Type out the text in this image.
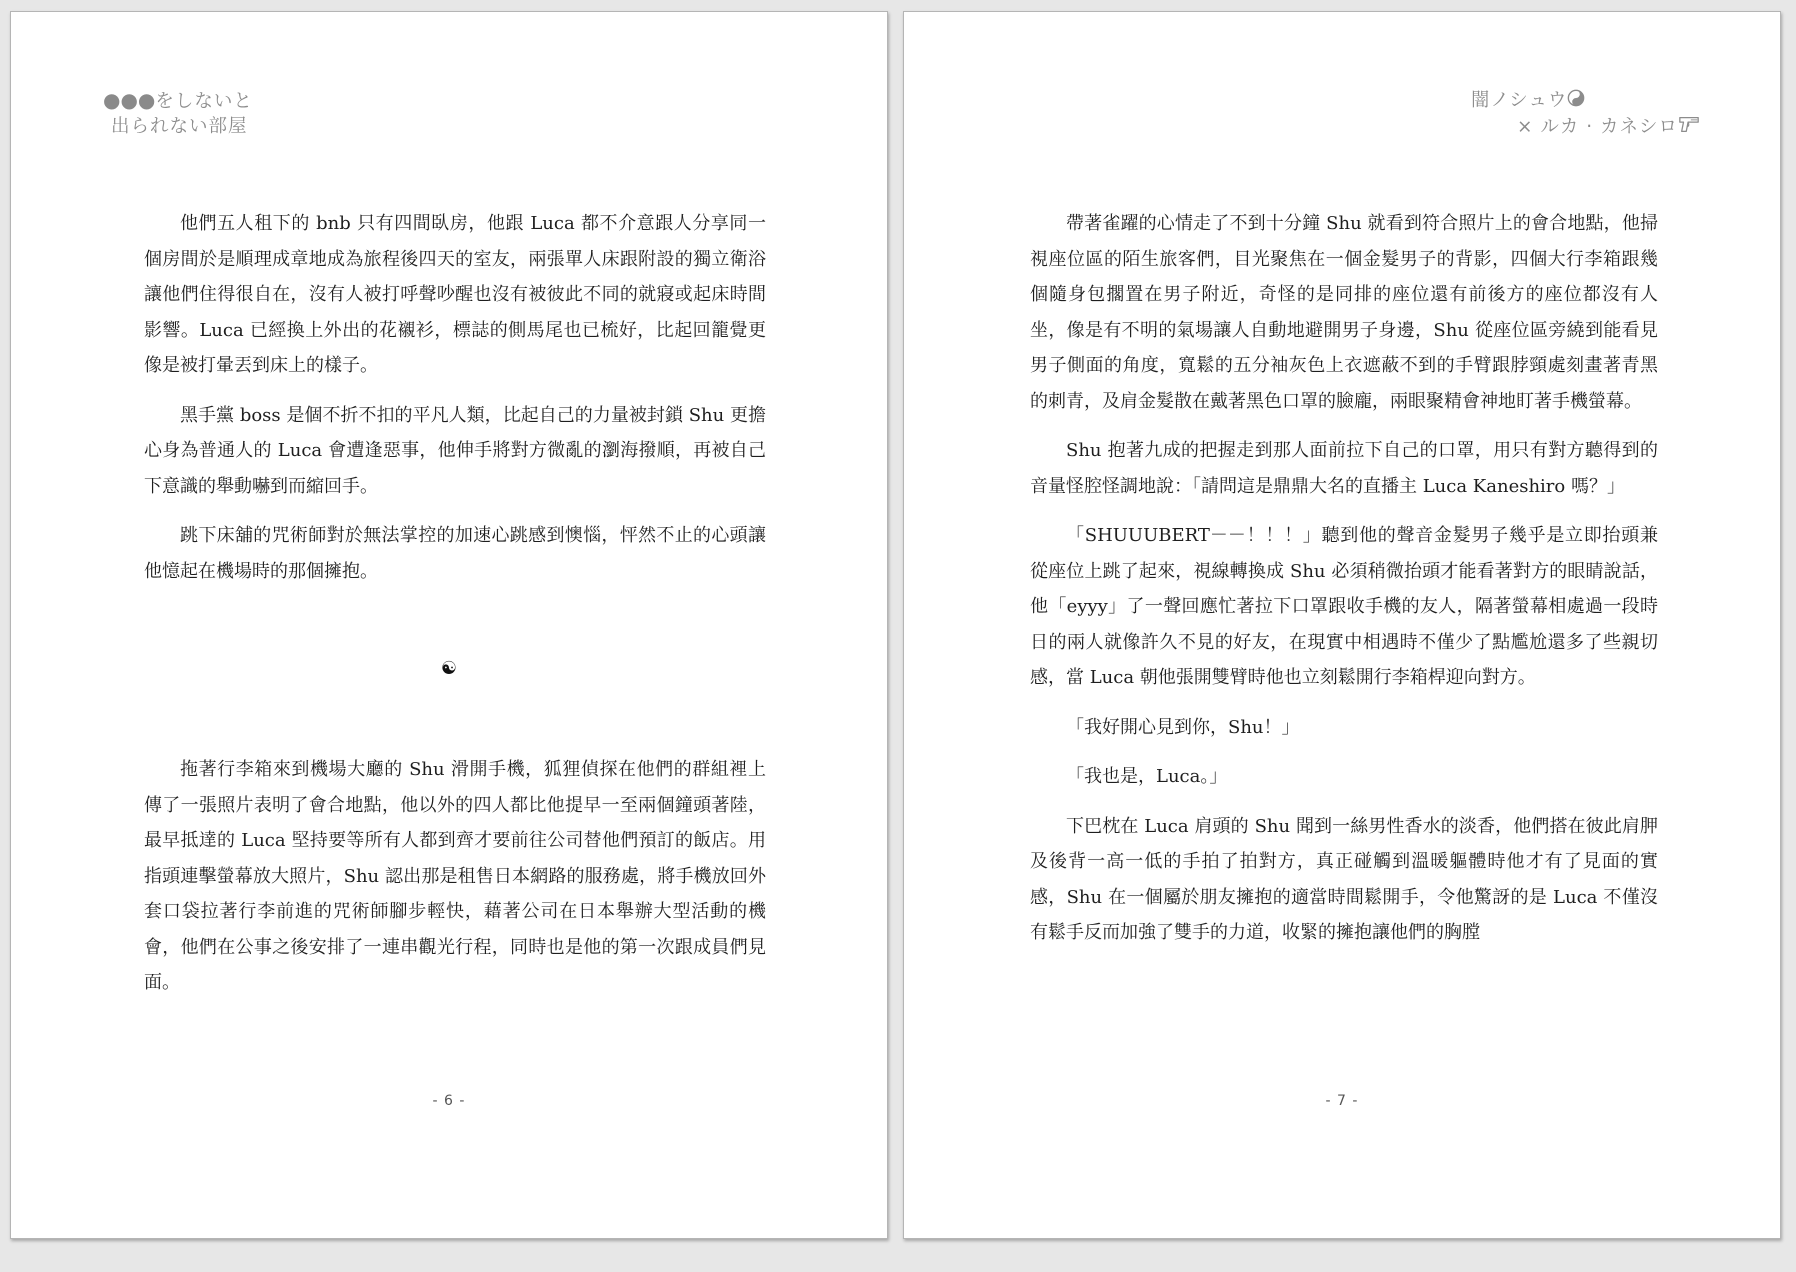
●●●をしないと
出られない部屋

他們五人租下的 bnb 只有四間臥房，他跟 Luca 都不介意跟人分享同一個房間於是順理成章地成為旅程後四天的室友，兩張單人床跟附設的獨立衛浴讓他們住得很自在，沒有人被打呼聲吵醒也沒有被彼此不同的就寢或起床時間影響。Luca 已經換上外出的花襯衫，標誌的側馬尾也已梳好，比起回籠覺更像是被打暈丟到床上的樣子。

黑手黨 boss 是個不折不扣的平凡人類，比起自己的力量被封鎖 Shu 更擔心身為普通人的 Luca 會遭逢惡事，他伸手將對方微亂的瀏海撥順，再被自己下意識的舉動嚇到而縮回手。

跳下床舖的咒術師對於無法掌控的加速心跳感到懊惱，怦然不止的心頭讓他憶起在機場時的那個擁抱。

☯

拖著行李箱來到機場大廳的 Shu 滑開手機，狐狸偵探在他們的群組裡上傳了一張照片表明了會合地點，他以外的四人都比他提早一至兩個鐘頭著陸，最早抵達的 Luca 堅持要等所有人都到齊才要前往公司替他們預訂的飯店。用指頭連擊螢幕放大照片，Shu 認出那是租售日本網路的服務處，將手機放回外套口袋拉著行李前進的咒術師腳步輕快，藉著公司在日本舉辦大型活動的機會，他們在公事之後安排了一連串觀光行程，同時也是他的第一次跟成員們見面。

- 6 -
闇ノシュウ
× ルカ · カネシロ

帶著雀躍的心情走了不到十分鐘 Shu 就看到符合照片上的會合地點，他掃視座位區的陌生旅客們，目光聚焦在一個金髮男子的背影，四個大行李箱跟幾個隨身包擱置在男子附近，奇怪的是同排的座位還有前後方的座位都沒有人坐，像是有不明的氣場讓人自動地避開男子身邊，Shu 從座位區旁繞到能看見男子側面的角度，寬鬆的五分袖灰色上衣遮蔽不到的手臂跟脖頸處刻畫著青黑的刺青，及肩金髮散在戴著黑色口罩的臉龐，兩眼聚精會神地盯著手機螢幕。

Shu 抱著九成的把握走到那人面前拉下自己的口罩，用只有對方聽得到的音量怪腔怪調地說：「請問這是鼎鼎大名的直播主 Luca Kaneshiro 嗎？」

「SHUUUBERT－－！！！」聽到他的聲音金髮男子幾乎是立即抬頭兼從座位上跳了起來，視線轉換成 Shu 必須稍微抬頭才能看著對方的眼睛說話，他「eyyy」了一聲回應忙著拉下口罩跟收手機的友人，隔著螢幕相處過一段時日的兩人就像許久不見的好友，在現實中相遇時不僅少了點尷尬還多了些親切感，當 Luca 朝他張開雙臂時他也立刻鬆開行李箱桿迎向對方。

「我好開心見到你，Shu！」

「我也是，Luca。」

下巴枕在 Luca 肩頭的 Shu 聞到一絲男性香水的淡香，他們搭在彼此肩胛及後背一高一低的手拍了拍對方，真正碰觸到溫暖軀體時他才有了見面的實感，Shu 在一個屬於朋友擁抱的適當時間鬆開手，令他驚訝的是 Luca 不僅沒有鬆手反而加強了雙手的力道，收緊的擁抱讓他們的胸膛

- 7 -
